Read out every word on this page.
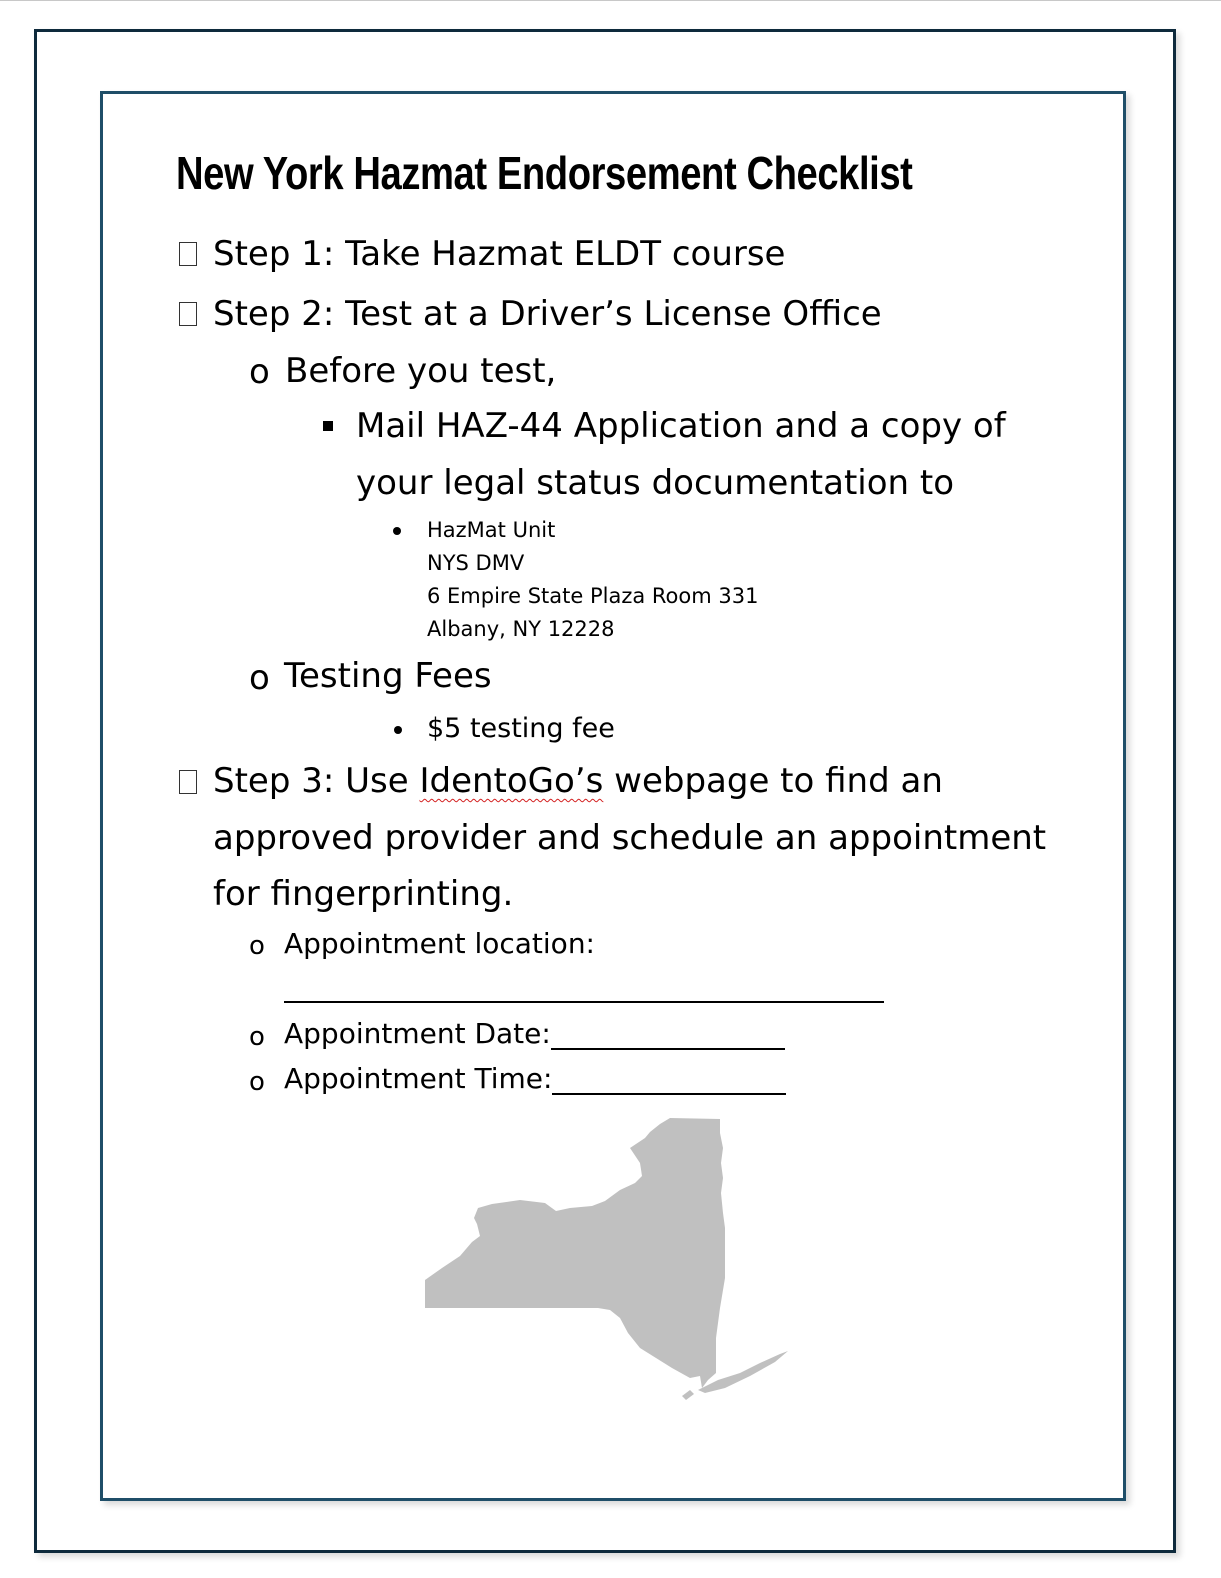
New York Hazmat Endorsement Checklist
Step 1: Take Hazmat ELDT course
Step 2: Test at a Driver’s License Office
o Before you test,
Mail HAZ-44 Application and a copy of
your legal status documentation to
HazMat Unit
NYS DMV
6 Empire State Plaza Room 331
Albany, NY 12228
o Testing Fees
$5 testing fee
Step 3: Use IdentoGo’s webpage to find an
approved provider and schedule an appointment
for fingerprinting.
o Appointment location:
o Appointment Date:
o Appointment Time:
